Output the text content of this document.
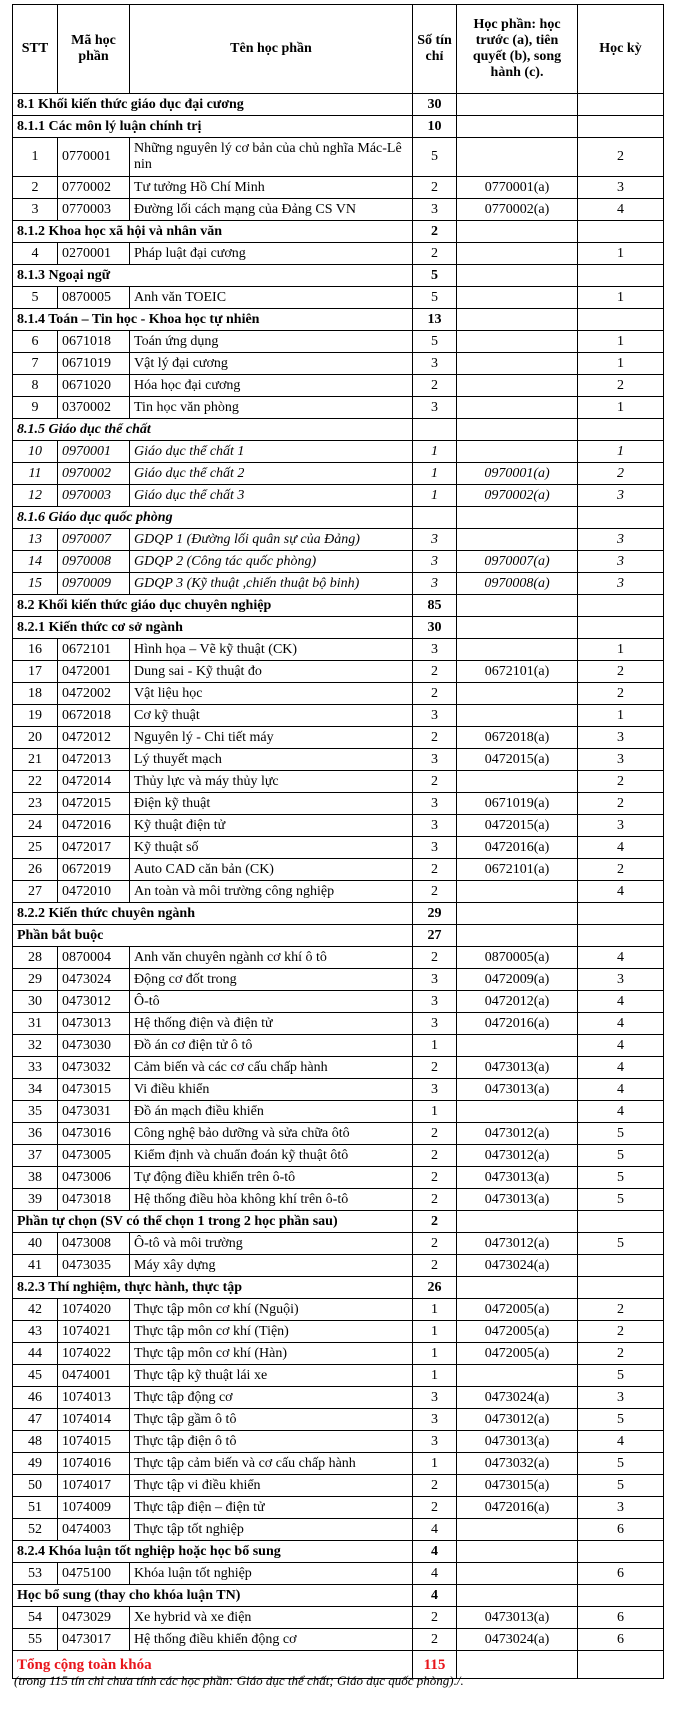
STT	Mã học phần	Tên học phần	Số tín chỉ	Học phần: học trước (a), tiên quyết (b), song hành (c).	Học kỳ
8.1 Khối kiến thức giáo dục đại cương			30		
8.1.1 Các môn lý luận chính trị			10		
1	0770001	Những nguyên lý cơ bản của chủ nghĩa Mác-Lê nin	5		2
2	0770002	Tư tưởng Hồ Chí Minh	2	0770001(a)	3
3	0770003	Đường lối cách mạng của Đảng CS VN	3	0770002(a)	4
8.1.2 Khoa học xã hội và nhân văn			2		
4	0270001	Pháp luật đại cương	2		1
8.1.3 Ngoại ngữ			5		
5	0870005	Anh văn TOEIC	5		1
8.1.4 Toán – Tin học - Khoa học tự nhiên			13		
6	0671018	Toán ứng dụng	5		1
7	0671019	Vật lý đại cương	3		1
8	0671020	Hóa học đại cương	2		2
9	0370002	Tin học văn phòng	3		1
8.1.5 Giáo dục thể chất					
10	0970001	Giáo dục thể chất 1	1		1
11	0970002	Giáo dục thể chất 2	1	0970001(a)	2
12	0970003	Giáo dục thể chất 3	1	0970002(a)	3
8.1.6 Giáo dục quốc phòng					
13	0970007	GDQP 1 (Đường lối quân sự của Đảng)	3		3
14	0970008	GDQP 2 (Công tác quốc phòng)	3	0970007(a)	3
15	0970009	GDQP 3 (Kỹ thuật ,chiến thuật bộ binh)	3	0970008(a)	3
8.2 Khối kiến thức giáo dục chuyên nghiệp			85		
8.2.1 Kiến thức cơ sở ngành			30		
16	0672101	Hình họa – Vẽ kỹ thuật (CK)	3		1
17	0472001	Dung sai - Kỹ thuật đo	2	0672101(a)	2
18	0472002	Vật liệu học	2		2
19	0672018	Cơ kỹ thuật	3		1
20	0472012	Nguyên lý - Chi tiết máy	2	0672018(a)	3
21	0472013	Lý thuyết mạch	3	0472015(a)	3
22	0472014	Thủy lực và máy thủy lực	2		2
23	0472015	Điện kỹ thuật	3	0671019(a)	2
24	0472016	Kỹ thuật điện tử	3	0472015(a)	3
25	0472017	Kỹ thuật số	3	0472016(a)	4
26	0672019	Auto CAD căn bản (CK)	2	0672101(a)	2
27	0472010	An toàn và môi trường công nghiệp	2		4
8.2.2 Kiến thức chuyên ngành			29		
Phần bắt buộc			27		
28	0870004	Anh văn chuyên ngành cơ khí ô tô	2	0870005(a)	4
29	0473024	Động cơ đốt trong	3	0472009(a)	3
30	0473012	Ô-tô	3	0472012(a)	4
31	0473013	Hệ thống điện và điện tử	3	0472016(a)	4
32	0473030	Đồ án cơ điện tử ô tô	1		4
33	0473032	Cảm biến và các cơ cấu chấp hành	2	0473013(a)	4
34	0473015	Vi điều khiển	3	0473013(a)	4
35	0473031	Đồ án mạch điều khiển	1		4
36	0473016	Công nghệ bảo dưỡng và sửa chữa ôtô	2	0473012(a)	5
37	0473005	Kiểm định và chuẩn đoán kỹ thuật ôtô	2	0473012(a)	5
38	0473006	Tự động điều khiển trên ô-tô	2	0473013(a)	5
39	0473018	Hệ thống điều hòa không khí trên ô-tô	2	0473013(a)	5
Phần tự chọn (SV có thể chọn 1 trong 2 học phần sau)			2		
40	0473008	Ô-tô và môi trường	2	0473012(a)	5
41	0473035	Máy xây dựng	2	0473024(a)	
8.2.3 Thí nghiệm, thực hành, thực tập			26		
42	1074020	Thực tập môn cơ khí (Nguội)	1	0472005(a)	2
43	1074021	Thực tập môn cơ khí (Tiện)	1	0472005(a)	2
44	1074022	Thực tập môn cơ khí (Hàn)	1	0472005(a)	2
45	0474001	Thực tập kỹ thuật lái xe	1		5
46	1074013	Thực tập động cơ	3	0473024(a)	3
47	1074014	Thực tập gầm ô tô	3	0473012(a)	5
48	1074015	Thực tập điện ô tô	3	0473013(a)	4
49	1074016	Thực tập cảm biến và cơ cấu chấp hành	1	0473032(a)	5
50	1074017	Thực tập vi điều khiển	2	0473015(a)	5
51	1074009	Thực tập điện – điện tử	2	0472016(a)	3
52	0474003	Thực tập tốt nghiệp	4		6
8.2.4 Khóa luận tốt nghiệp hoặc học bổ sung			4		
53	0475100	Khóa luận tốt nghiệp	4		6
Học bổ sung (thay cho khóa luận TN)			4		
54	0473029	Xe hybrid và xe điện	2	0473013(a)	6
55	0473017	Hệ thống điều khiển động cơ	2	0473024(a)	6
Tổng cộng toàn khóa			115		
(trong 115 tín chỉ chưa tính các học phần: Giáo dục thể chất; Giáo dục quốc phòng)./.
